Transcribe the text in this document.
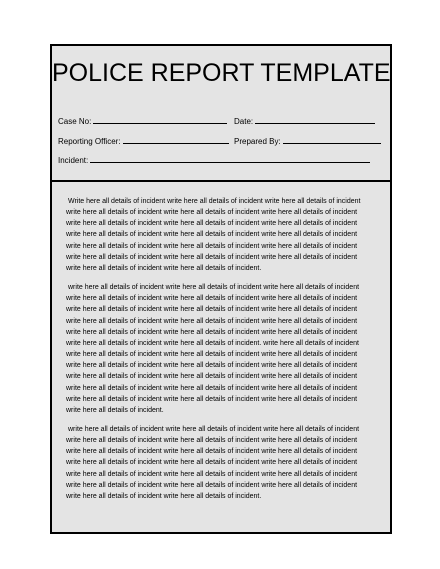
POLICE REPORT TEMPLATE
Case No:	Date:
Reporting Officer:	Prepared By:
Incident:
Write here all details of incident write here all details of incident write here all details of incident
write here all details of incident write here all details of incident write here all details of incident
write here all details of incident write here all details of incident write here all details of incident
write here all details of incident write here all details of incident write here all details of incident
write here all details of incident write here all details of incident write here all details of incident
write here all details of incident write here all details of incident write here all details of incident
write here all details of incident write here all details of incident.
write here all details of incident write here all details of incident write here all details of incident
write here all details of incident write here all details of incident write here all details of incident
write here all details of incident write here all details of incident write here all details of incident
write here all details of incident write here all details of incident write here all details of incident
write here all details of incident write here all details of incident write here all details of incident
write here all details of incident write here all details of incident. write here all details of incident
write here all details of incident write here all details of incident write here all details of incident
write here all details of incident write here all details of incident write here all details of incident
write here all details of incident write here all details of incident write here all details of incident
write here all details of incident write here all details of incident write here all details of incident
write here all details of incident write here all details of incident write here all details of incident
write here all details of incident.
write here all details of incident write here all details of incident write here all details of incident
write here all details of incident write here all details of incident write here all details of incident
write here all details of incident write here all details of incident write here all details of incident
write here all details of incident write here all details of incident write here all details of incident
write here all details of incident write here all details of incident write here all details of incident
write here all details of incident write here all details of incident write here all details of incident
write here all details of incident write here all details of incident.
